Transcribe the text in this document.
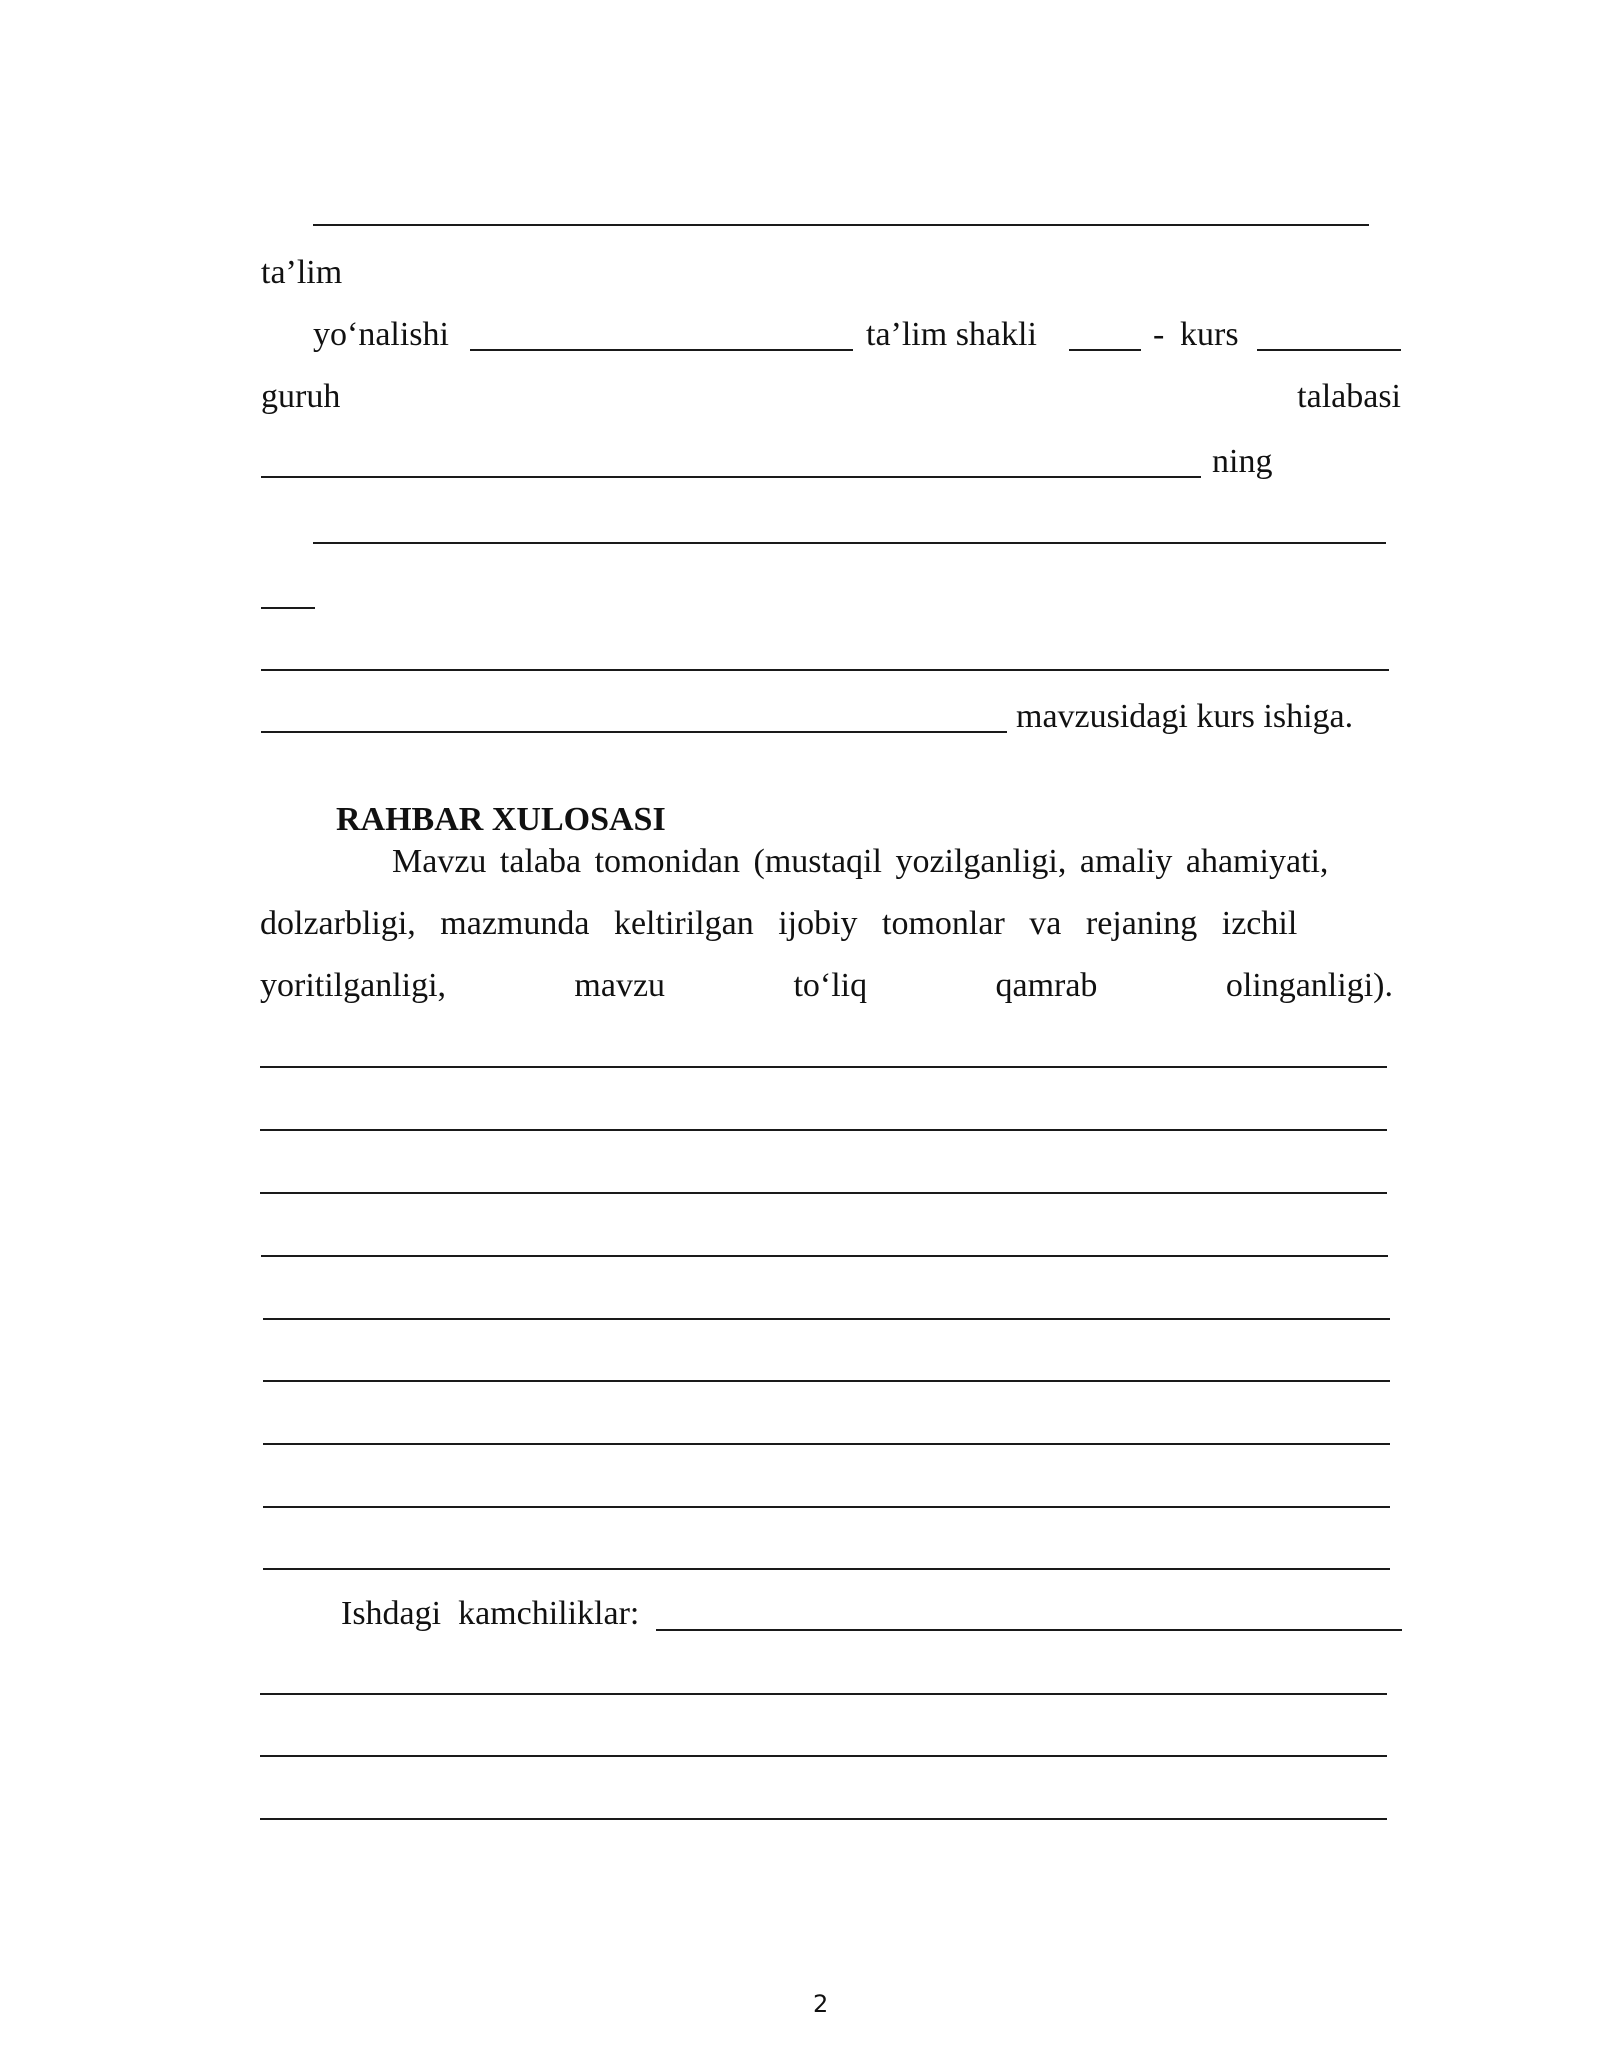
ta’lim
yo‘nalishi	ta’lim shakli	- kurs
guruh	talabasi
ning
mavzusidagi kurs ishiga.
RAHBAR XULOSASI
Mavzu talaba tomonidan (mustaqil yozilganligi, amaliy ahamiyati,
dolzarbligi, mazmunda keltirilgan ijobiy tomonlar va rejaning izchil
yoritilganligi,	mavzu	to‘liq	qamrab	olinganligi).
Ishdagi  kamchiliklar:
2
